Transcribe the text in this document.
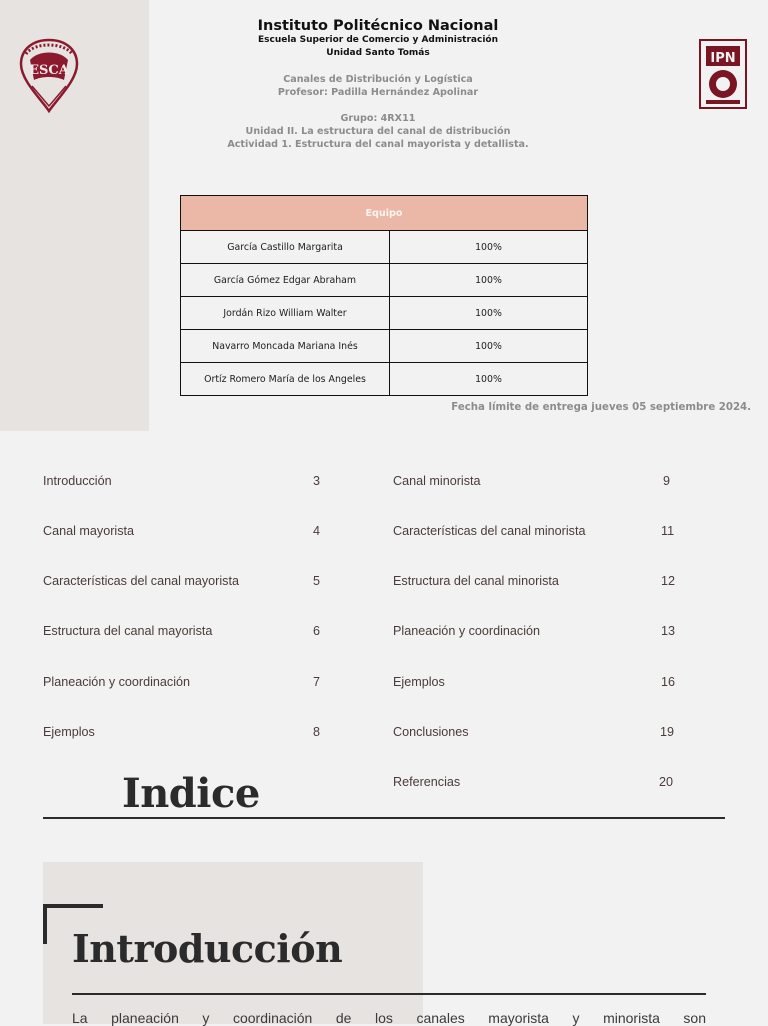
ESCA
IPN
Instituto Politécnico Nacional
Escuela Superior de Comercio y Administración
Unidad Santo Tomás
Canales de Distribución y Logística
Profesor: Padilla Hernández Apolinar
Grupo: 4RX11
Unidad II. La estructura del canal de distribución
Actividad 1. Estructura del canal mayorista y detallista.
Equipo	
García Castillo Margarita	100%
García Gómez Edgar Abraham	100%
Jordán Rizo William Walter	100%
Navarro Moncada Mariana Inés	100%
Ortíz Romero María de los Angeles	100%
Fecha límite de entrega jueves 05 septiembre 2024.
Introducción	3
Canal mayorista	4
Características del canal mayorista	5
Estructura del canal mayorista	6
Planeación y coordinación	7
Ejemplos	8
Canal minorista	9
Características del canal minorista	11
Estructura del canal minorista	12
Planeación y coordinación	13
Ejemplos	16
Conclusiones	19
Referencias	20
Indice
Introducción
La planeación y coordinación de los canales mayorista y minorista son
